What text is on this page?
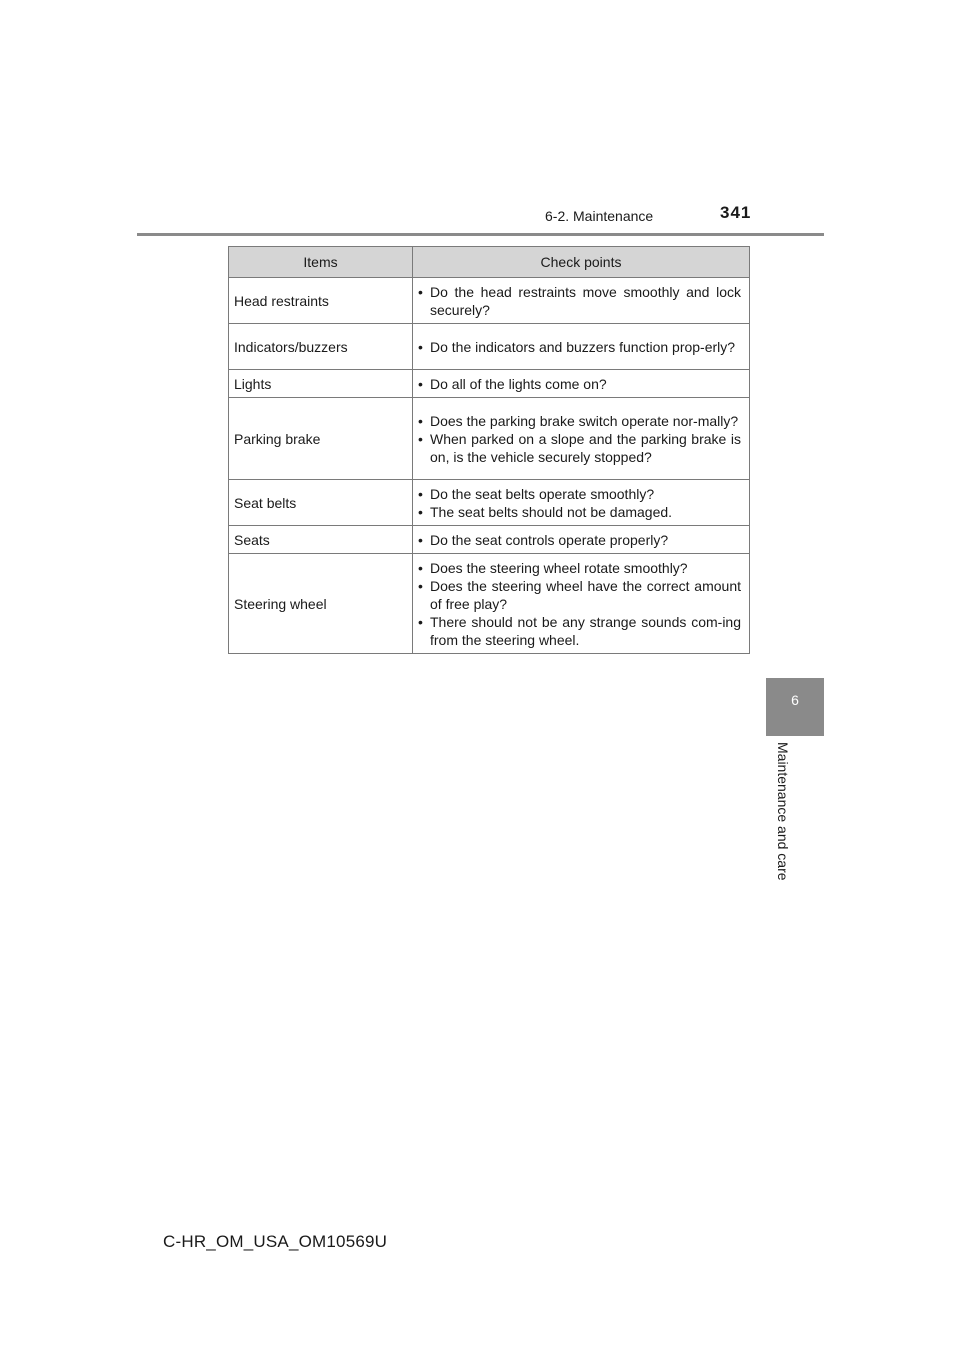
6-2. Maintenance	341
6
Maintenance and care
Items	Check points
Head restraints	• Do the head restraints move smoothly and lock securely?

Indicators/buzzers	• Do the indicators and buzzers function prop-erly?

Lights	• Do all of the lights come on?

Parking brake	• Does the parking brake switch operate nor-mally?
• When parked on a slope and the parking brake is on, is the vehicle securely stopped?

Seat belts	• Do the seat belts operate smoothly?
• The seat belts should not be damaged.

Seats	• Do the seat controls operate properly?

Steering wheel	• Does the steering wheel rotate smoothly?
• Does the steering wheel have the correct amount of free play?
• There should not be any strange sounds com-ing from the steering wheel.
C-HR_OM_USA_OM10569U
